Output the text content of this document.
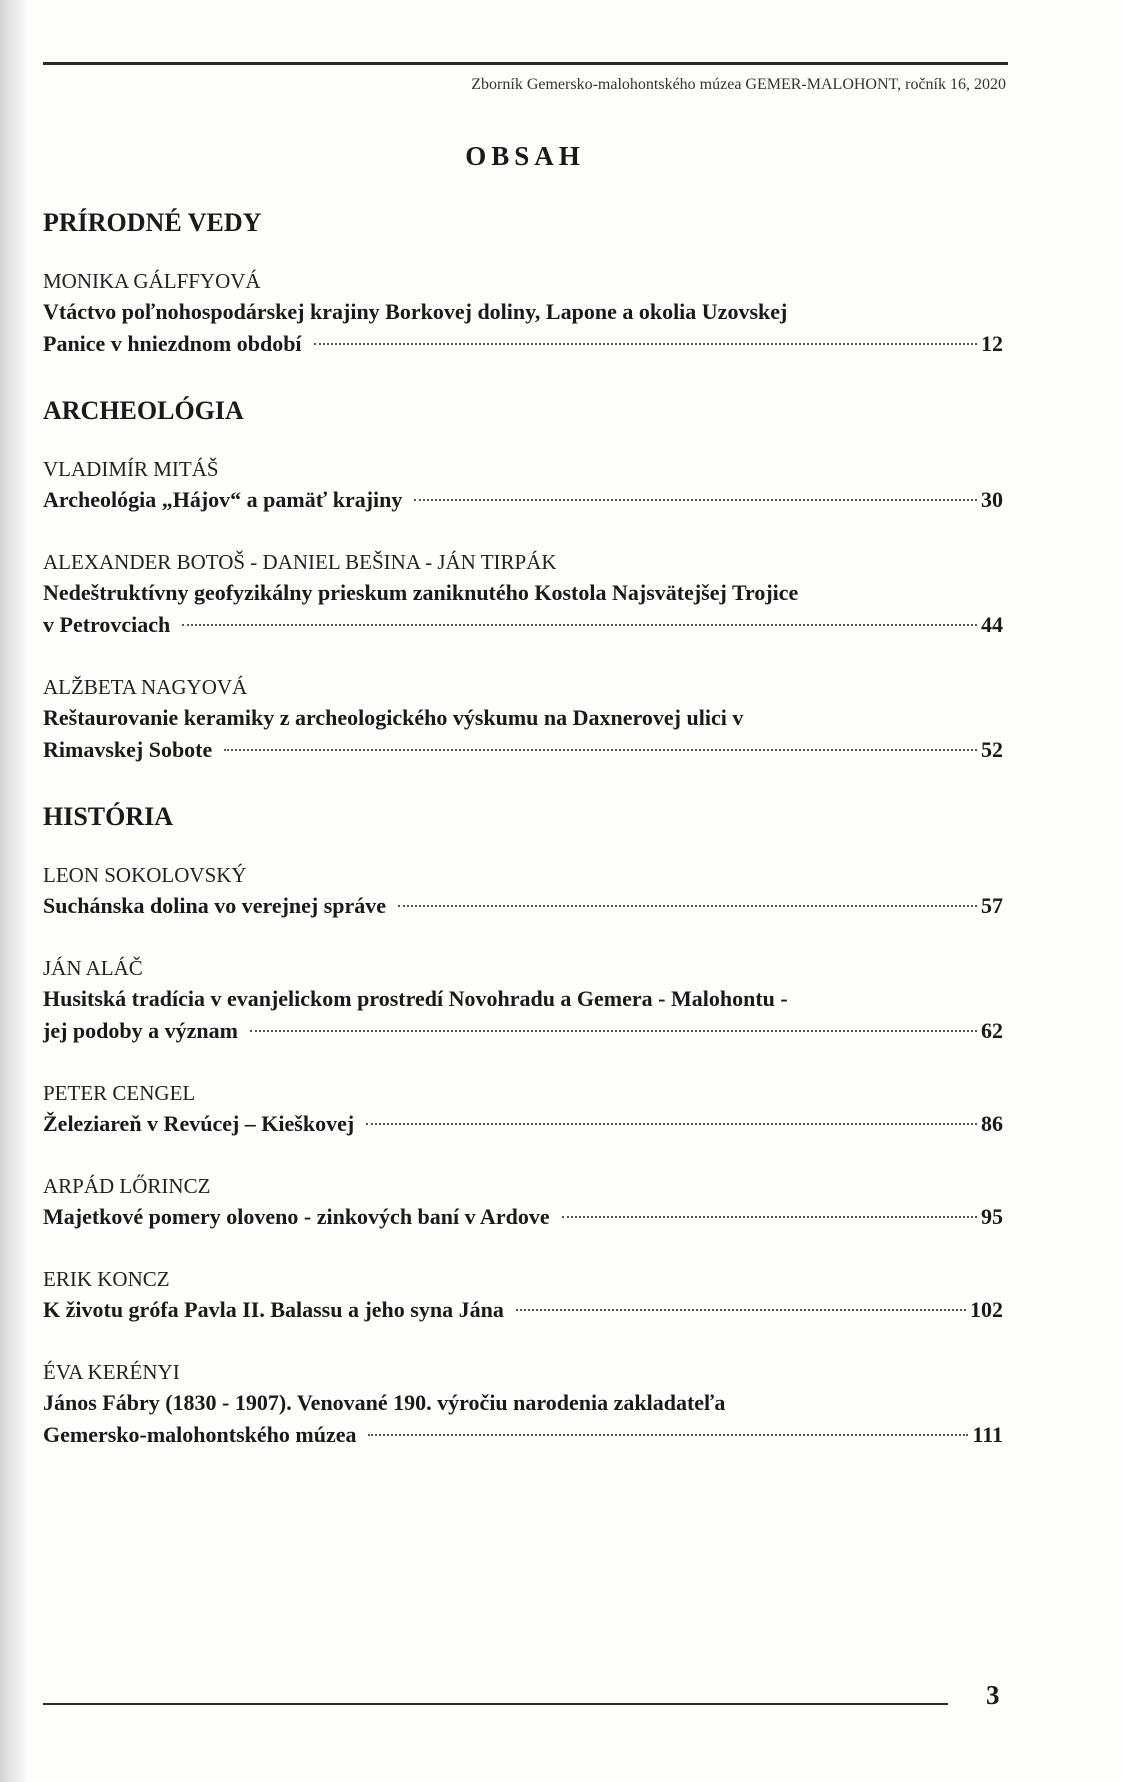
Zborník Gemersko-malohontského múzea GEMER-MALOHONT, ročník 16, 2020
OBSAH
PRÍRODNÉ VEDY
MONIKA GÁLFFYOVÁ
Vtáctvo poľnohospodárskej krajiny Borkovej doliny, Lapone a okolia Uzovskej
Panice v hniezdnom období	12
ARCHEOLÓGIA
VLADIMÍR MITÁŠ
Archeológia „Hájov“ a pamäť krajiny	30
ALEXANDER BOTOŠ - DANIEL BEŠINA - JÁN TIRPÁK
Nedeštruktívny geofyzikálny prieskum zaniknutého Kostola Najsvätejšej Trojice
v Petrovciach	44
ALŽBETA NAGYOVÁ
Reštaurovanie keramiky z archeologického výskumu na Daxnerovej ulici v
Rimavskej Sobote	52
HISTÓRIA
LEON SOKOLOVSKÝ
Suchánska dolina vo verejnej správe	57
JÁN ALÁČ
Husitská tradícia v evanjelickom prostredí Novohradu a Gemera - Malohontu -
jej podoby a význam	62
PETER CENGEL
Železiareň v Revúcej – Kieškovej	86
ARPÁD LŐRINCZ
Majetkové pomery oloveno - zinkových baní v Ardove	95
ERIK KONCZ
K životu grófa Pavla II. Balassu a jeho syna Jána	102
ÉVA KERÉNYI
János Fábry (1830 - 1907). Venované 190. výročiu narodenia zakladateľa
Gemersko-malohontského múzea	111
3
